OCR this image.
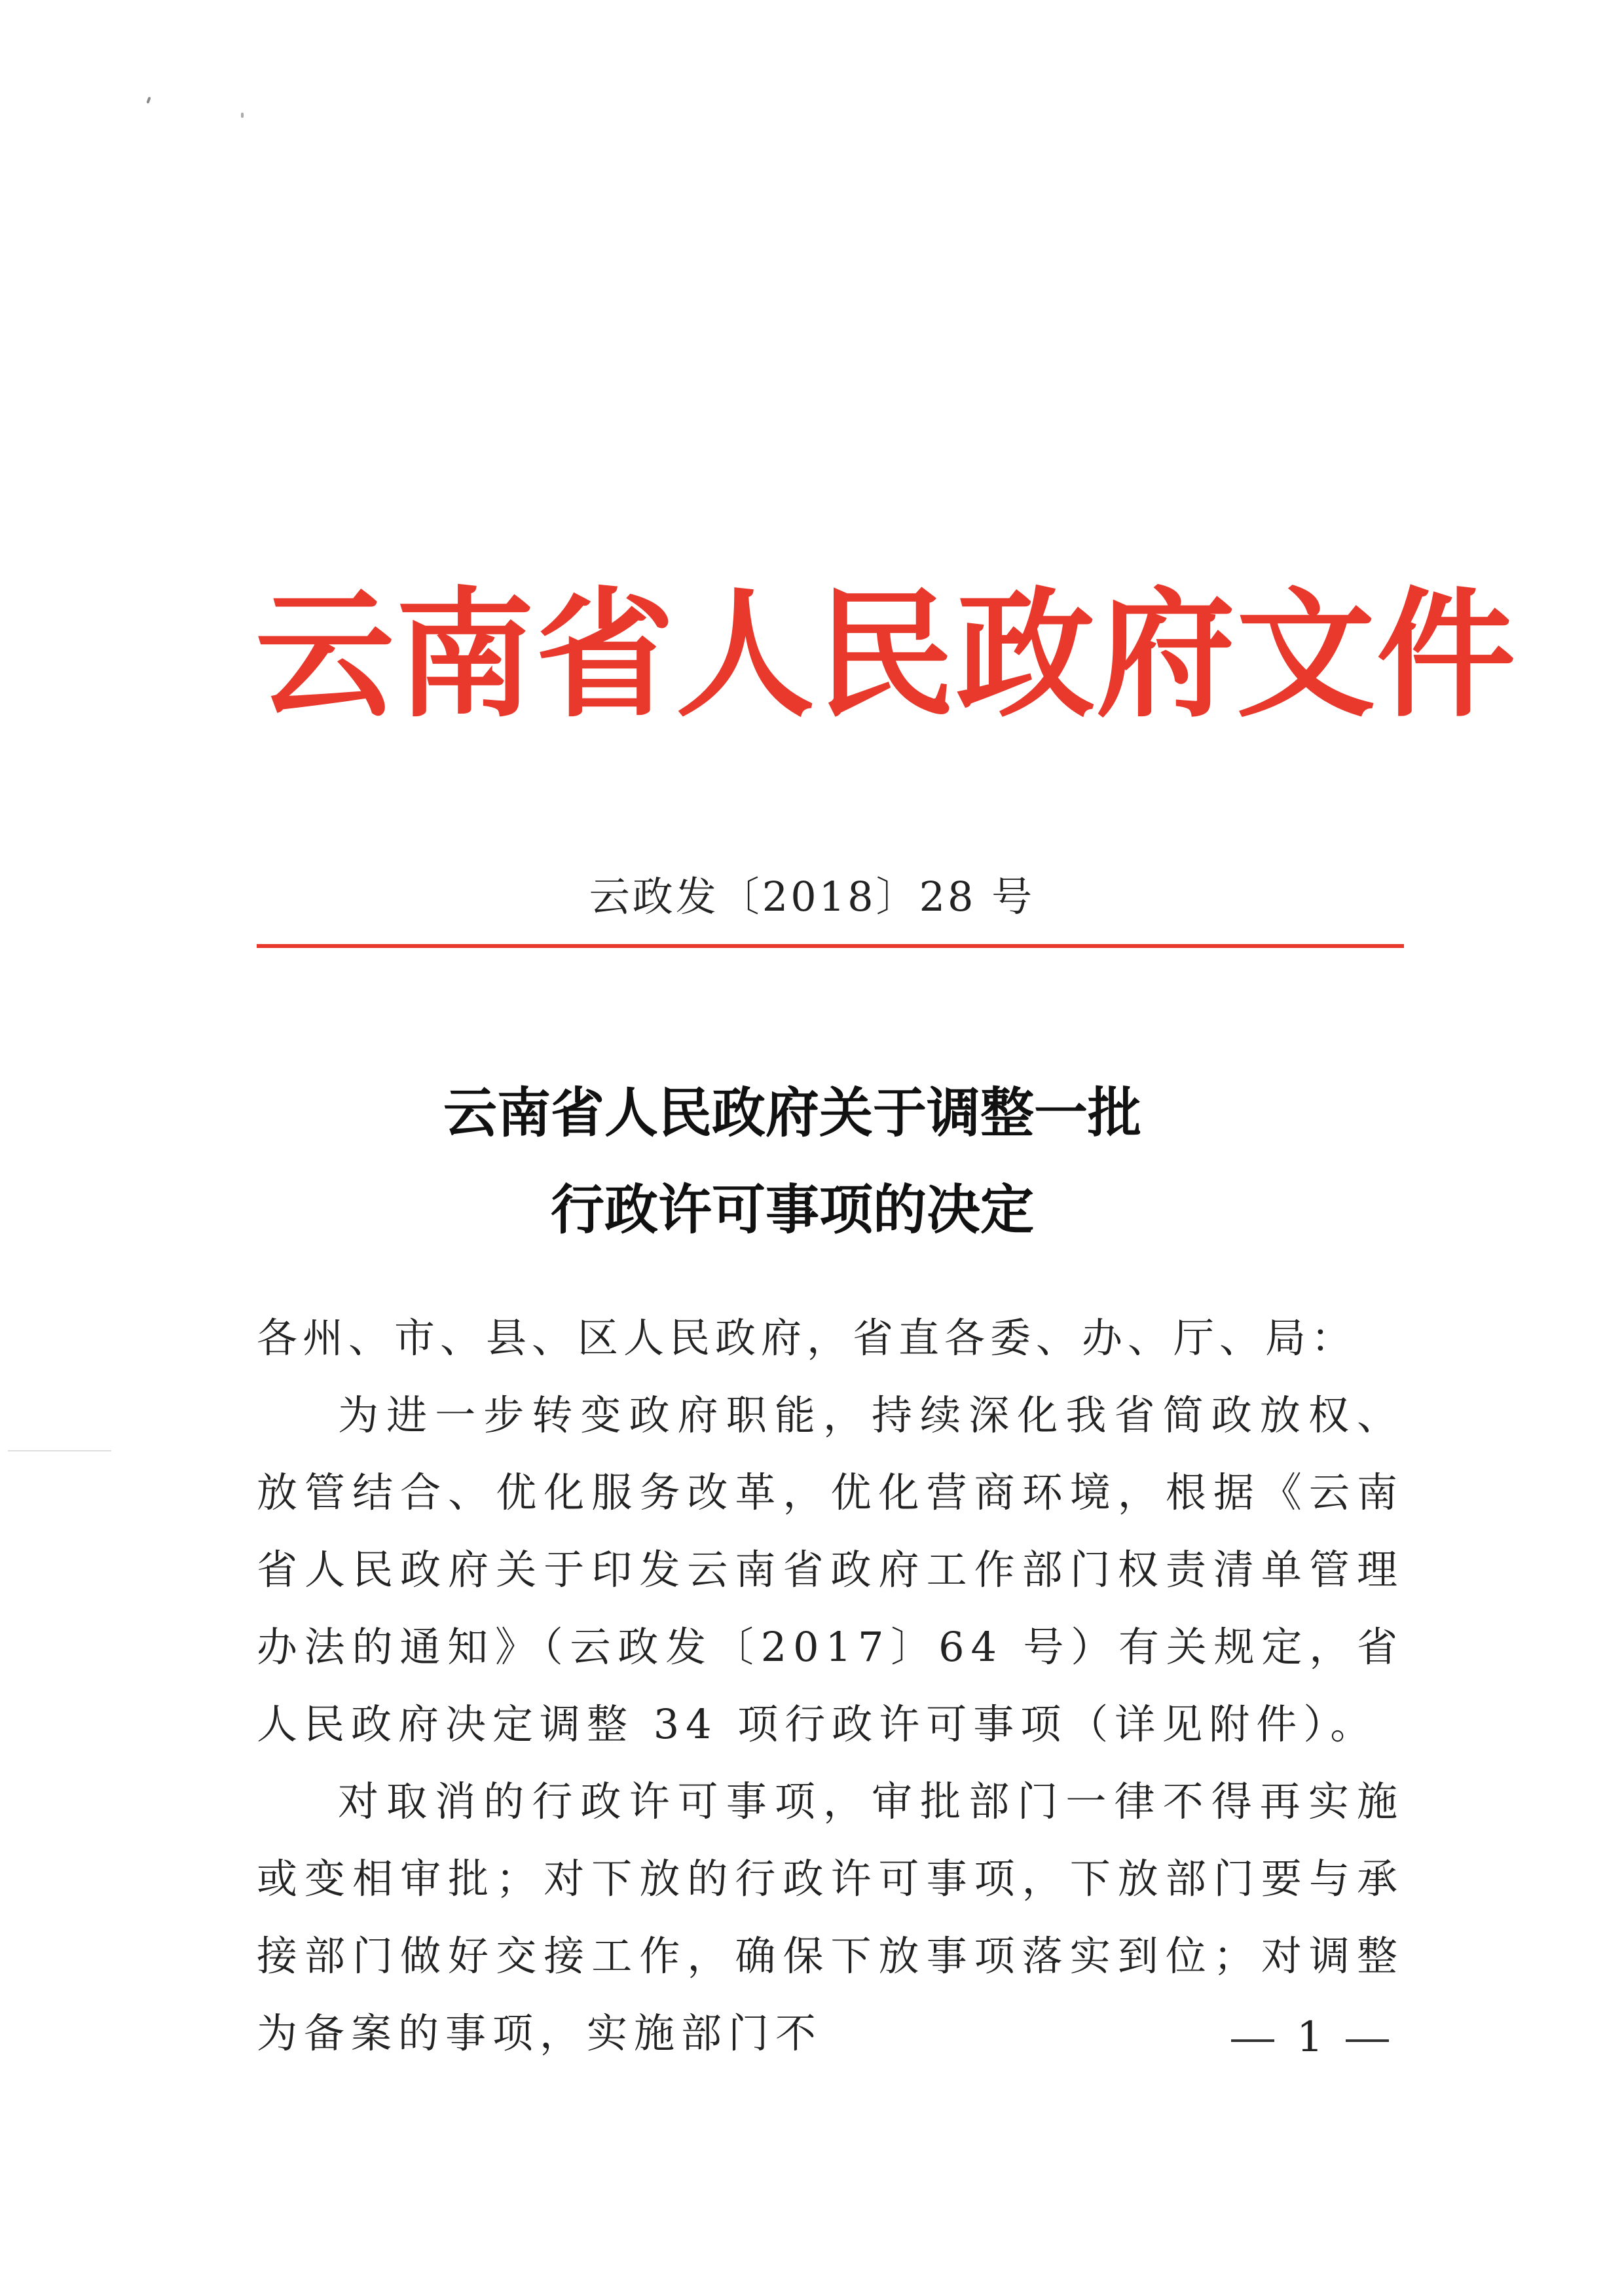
云南省人民政府文件
云政发〔2018〕28 号
云南省人民政府关于调整一批
行政许可事项的决定

各州、市、县、区人民政府，省直各委、办、厅、局：

为进一步转变政府职能，持续深化我省简政放权、放管结合、优化服务改革，优化营商环境，根据《云南省人民政府关于印发云南省政府工作部门权责清单管理办法的通知》（云政发〔2017〕64 号）有关规定，省人民政府决定调整 34 项行政许可事项（详见附件）。

对取消的行政许可事项，审批部门一律不得再实施或变相审批；对下放的行政许可事项，下放部门要与承接部门做好交接工作，确保下放事项落实到位；对调整为备案的事项，实施部门不	1
